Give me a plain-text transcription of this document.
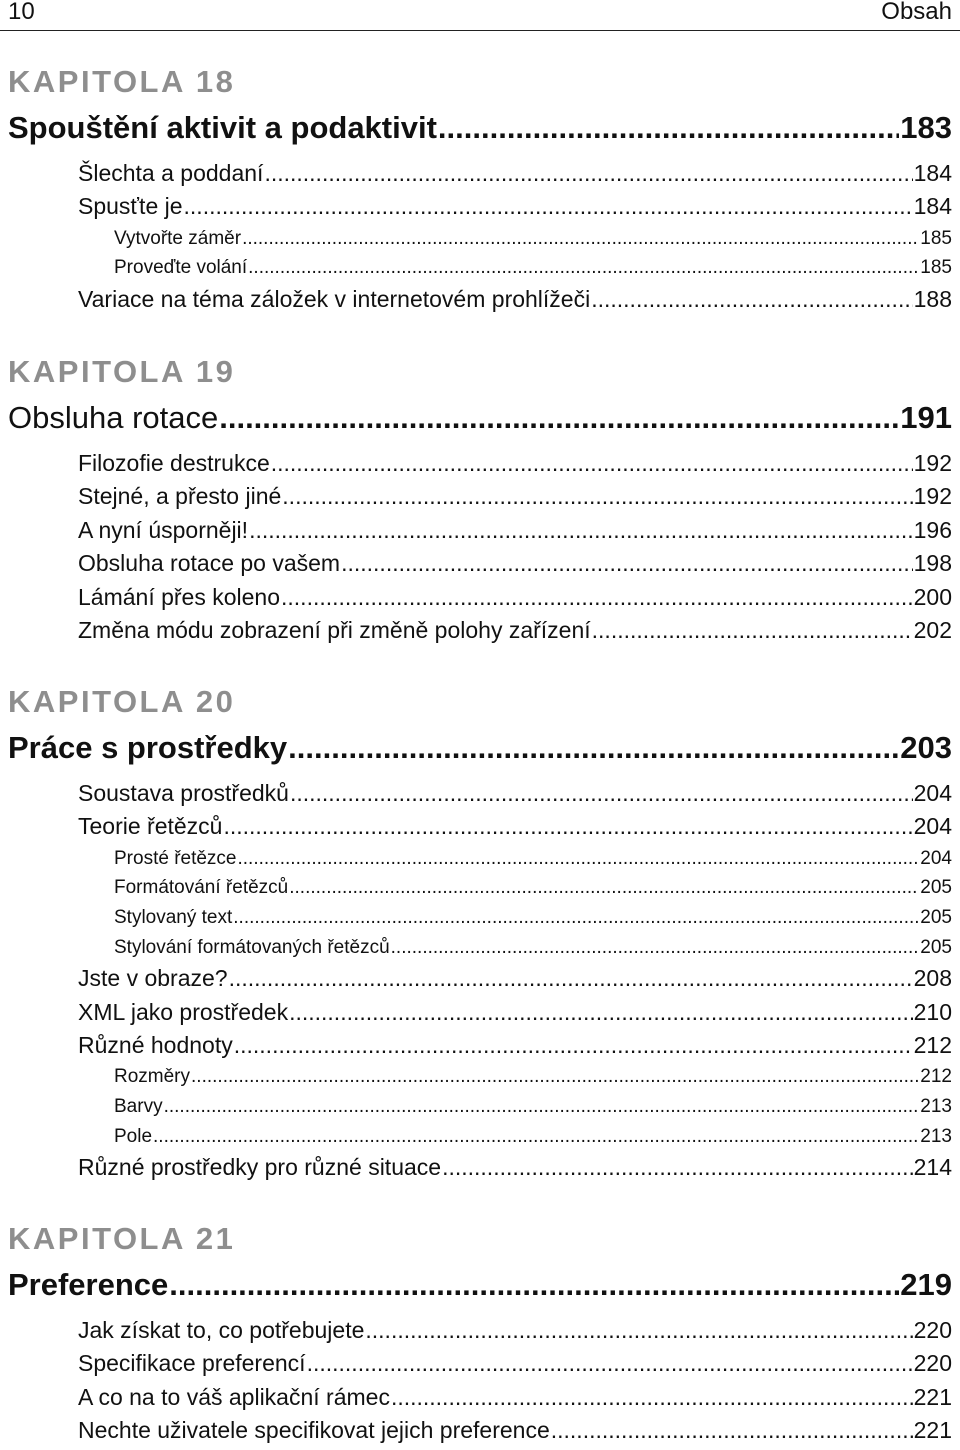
10	Obsah
KAPITOLA 18
Spouštění aktivit a podaktivit .....	183
Šlechta a poddaní .....	184
Spusťte je .....	184
Vytvořte záměr .....	185
Proveďte volání .....	185
Variace na téma záložek v internetovém prohlížeči .....	188
KAPITOLA 19
Obsluha rotace .....	191
Filozofie destrukce .....	192
Stejné, a přesto jiné .....	192
A nyní úsporněji! .....	196
Obsluha rotace po vašem .....	198
Lámání přes koleno .....	200
Změna módu zobrazení při změně polohy zařízení .....	202
KAPITOLA 20
Práce s prostředky .....	203
Soustava prostředků .....	204
Teorie řetězců .....	204
Prosté řetězce .....	204
Formátování řetězců .....	205
Stylovaný text .....	205
Stylování formátovaných řetězců .....	205
Jste v obraze? .....	208
XML jako prostředek .....	210
Různé hodnoty .....	212
Rozměry .....	212
Barvy .....	213
Pole .....	213
Různé prostředky pro různé situace .....	214
KAPITOLA 21
Preference .....	219
Jak získat to, co potřebujete .....	220
Specifikace preferencí .....	220
A co na to váš aplikační rámec .....	221
Nechte uživatele specifikovat jejich preference .....	221
